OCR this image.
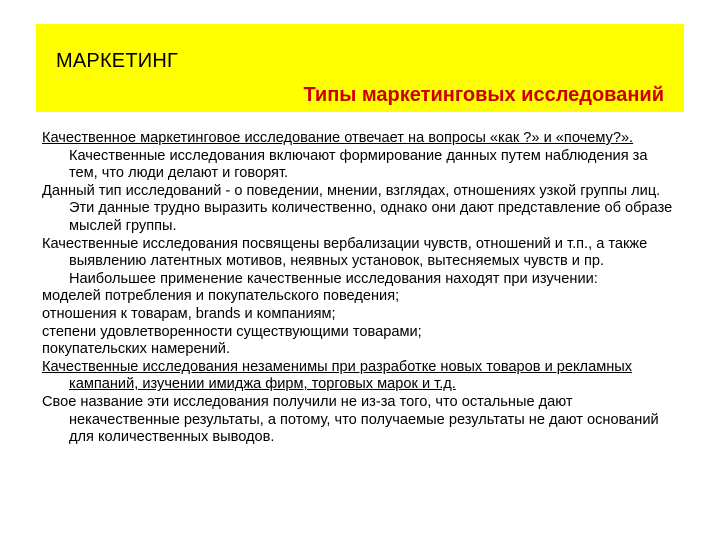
МАРКЕТИНГ
Типы маркетинговых исследований

Качественное маркетинговое исследование отвечает на вопросы «как ?» и «почему?». Качественные исследования включают формирование данных путем наблюдения за тем, что люди делают и говорят.

Данный тип исследований - о поведении, мнении, взглядах, отношениях узкой группы лиц. Эти данные трудно выразить количественно, однако они дают представление об образе мыслей группы.

Качественные исследования посвящены вербализации чувств, отношений и т.п., а также выявлению латентных мотивов, неявных установок, вытесняемых чувств и пр. Наибольшее применение качественные исследования находят при изучении:

моделей потребления и покупательского поведения;

отношения к товарам, brands и компаниям;

степени удовлетворенности существующими товарами;

покупательских намерений.

Качественные исследования незаменимы при разработке новых товаров и рекламных кампаний, изучении имиджа фирм, торговых марок и т.д.

Свое название эти исследования получили не из-за того, что остальные дают некачественные результаты, а потому, что получаемые результаты не дают оснований для количественных выводов.
